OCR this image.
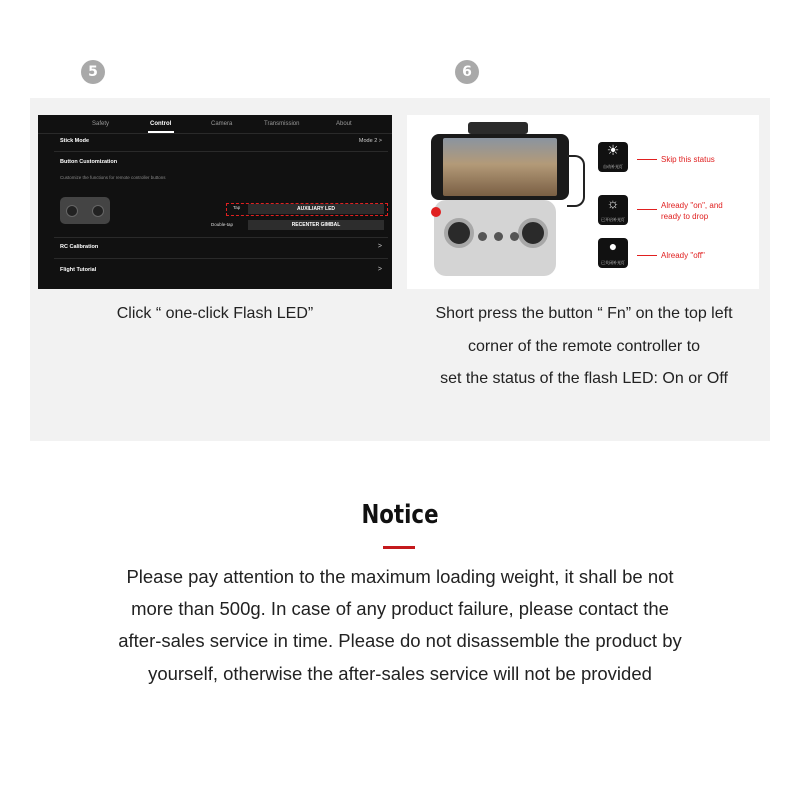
5	6
Safety	Control	Camera	Transmission	About
Stick Mode	Mode 2 >
Button Customization
Customize the functions for remote controller buttons
Tap	AUXILIARY LED
Double-tap	RECENTER GIMBAL
RC Calibration	>
Flight Tutorial	>
☀
自动补光灯
Skip this status
☼
已开启补光灯
Already "on", and
ready to drop
●
已关闭补光灯
Already "off"
Click “ one-click Flash LED”	Short press the button “ Fn” on the top left
corner of the remote controller to
set the status of the flash LED: On or Off
Notice
Please pay attention to the maximum loading weight, it shall be not
more than 500g. In case of any product failure, please contact the
after-sales service in time. Please do not disassemble the product by
yourself, otherwise the after-sales service will not be provided
